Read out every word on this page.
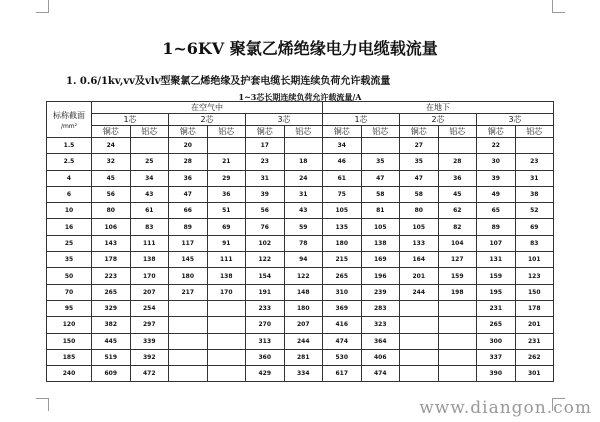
1~6KV 聚氯乙烯绝缘电力电缆载流量
1. 0.6/1kv,vv及vlv型聚氯乙烯绝缘及护套电缆长期连续负荷允许载流量
1~3芯长期连续负荷允许载流量/A
标称截面
/mm²	在空气中						在地下					
	1芯		2芯		3芯		1芯		2芯		3芯	
	铜芯	铝芯	铜芯	铝芯	铜芯	铝芯	铜芯	铝芯	铜芯	铝芯	铜芯	铝芯
1.5	24		20		17		34		27		22	
2.5	32	25	28	21	23	18	46	35	35	28	30	23
4	45	34	36	29	31	24	61	47	47	36	39	31
6	56	43	47	36	39	31	75	58	58	45	49	38
10	80	61	66	51	56	43	105	81	80	62	65	52
16	106	83	89	69	76	59	135	105	105	82	89	69
25	143	111	117	91	102	78	180	138	133	104	107	83
35	178	138	145	111	122	94	215	169	164	127	131	101
50	223	170	180	138	154	122	265	196	201	159	159	123
70	265	207	217	170	191	148	310	239	244	198	195	150
95	329	254			233	180	369	283			231	178
120	382	297			270	207	416	323			265	201
150	445	339			313	244	474	364			300	231
185	519	392			360	281	530	406			337	262
240	609	472			429	334	617	474			390	301
www.diangon.com
